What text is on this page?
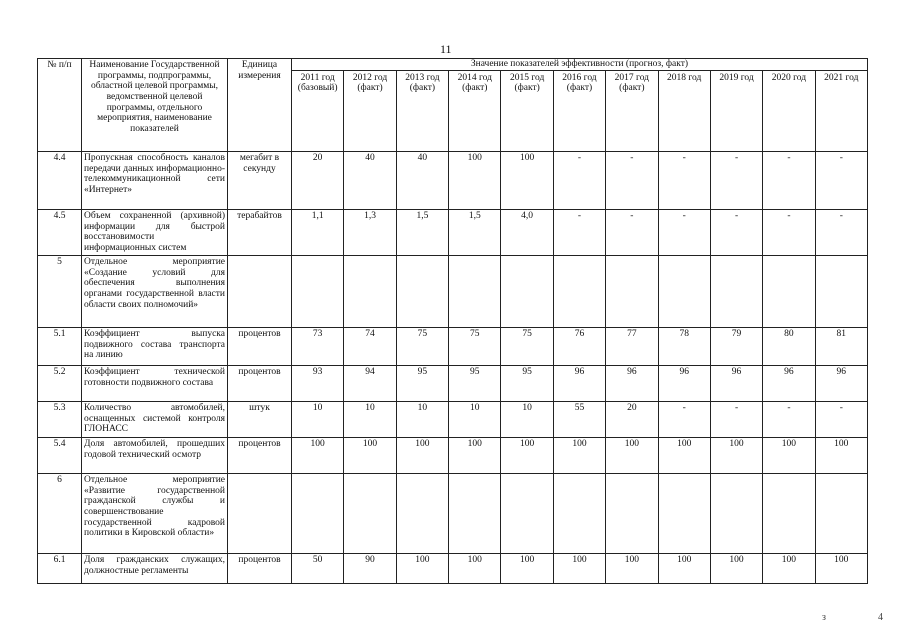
11
№ п/п	Наименование Государственной программы, подпрограммы, областной целевой программы, ведомственной целевой программы, отдельного мероприятия, наименование показателей	Единица измерения	Значение показателей эффективности (прогноз, факт)										
			2011 год (базовый)	2012 год (факт)	2013 год (факт)	2014 год (факт)	2015 год (факт)	2016 год (факт)	2017 год (факт)	2018 год	2019 год	2020 год	2021 год
4.4	Пропускная способность каналов передачи данных информационно-телекоммуникационной сети «Интернет»	мегабит в секунду	20	40	40	100	100	-	-	-	-	-	-
4.5	Объем сохраненной (архивной) информации для быстрой восстановимости информационных систем	терабайтов	1,1	1,3	1,5	1,5	4,0	-	-	-	-	-	-
5	Отдельное мероприятие «Создание условий для обеспечения выполнения органами государственной власти области своих полномочий»												
5.1	Коэффициент выпуска подвижного состава транспорта на линию	процентов	73	74	75	75	75	76	77	78	79	80	81
5.2	Коэффициент технической готовности подвижного состава	процентов	93	94	95	95	95	96	96	96	96	96	96
5.3	Количество автомобилей, оснащенных системой контроля ГЛОНАСС	штук	10	10	10	10	10	55	20	-	-	-	-
5.4	Доля автомобилей, прошедших годовой технический осмотр	процентов	100	100	100	100	100	100	100	100	100	100	100
6	Отдельное мероприятие «Развитие государственной гражданской службы и совершенствование государственной кадровой политики в Кировской области»												
6.1	Доля гражданских служащих, должностные регламенты	процентов	50	90	100	100	100	100	100	100	100	100	100
з	4
